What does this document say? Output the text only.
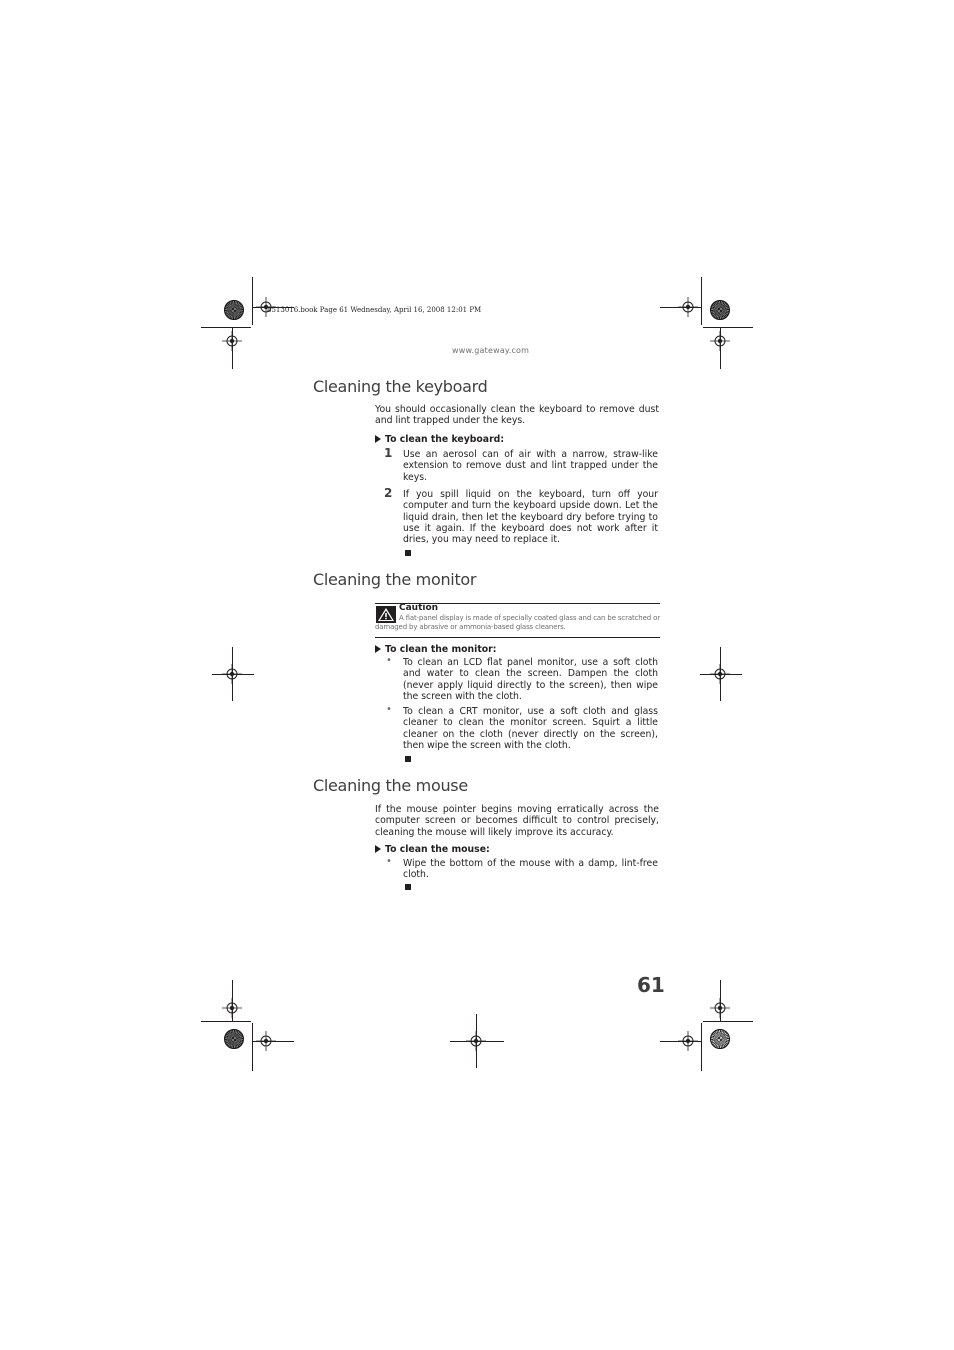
8513016.book Page 61 Wednesday, April 16, 2008 12:01 PM
www.gateway.com
Cleaning the keyboard
You should occasionally clean the keyboard to remove dust and lint trapped under the keys.
To clean the keyboard:
1 Use an aerosol can of air with a narrow, straw-like extension to remove dust and lint trapped under the keys.
2 If you spill liquid on the keyboard, turn off your computer and turn the keyboard upside down. Let the liquid drain, then let the keyboard dry before trying to use it again. If the keyboard does not work after it dries, you may need to replace it.
Cleaning the monitor
Caution
A flat-panel display is made of specially coated glass and can be scratched or damaged by abrasive or ammonia-based glass cleaners.
To clean the monitor:
• To clean an LCD flat panel monitor, use a soft cloth and water to clean the screen. Dampen the cloth (never apply liquid directly to the screen), then wipe the screen with the cloth.
• To clean a CRT monitor, use a soft cloth and glass cleaner to clean the monitor screen. Squirt a little cleaner on the cloth (never directly on the screen), then wipe the screen with the cloth.
Cleaning the mouse
If the mouse pointer begins moving erratically across the computer screen or becomes difficult to control precisely, cleaning the mouse will likely improve its accuracy.
To clean the mouse:
• Wipe the bottom of the mouse with a damp, lint-free cloth.
61
